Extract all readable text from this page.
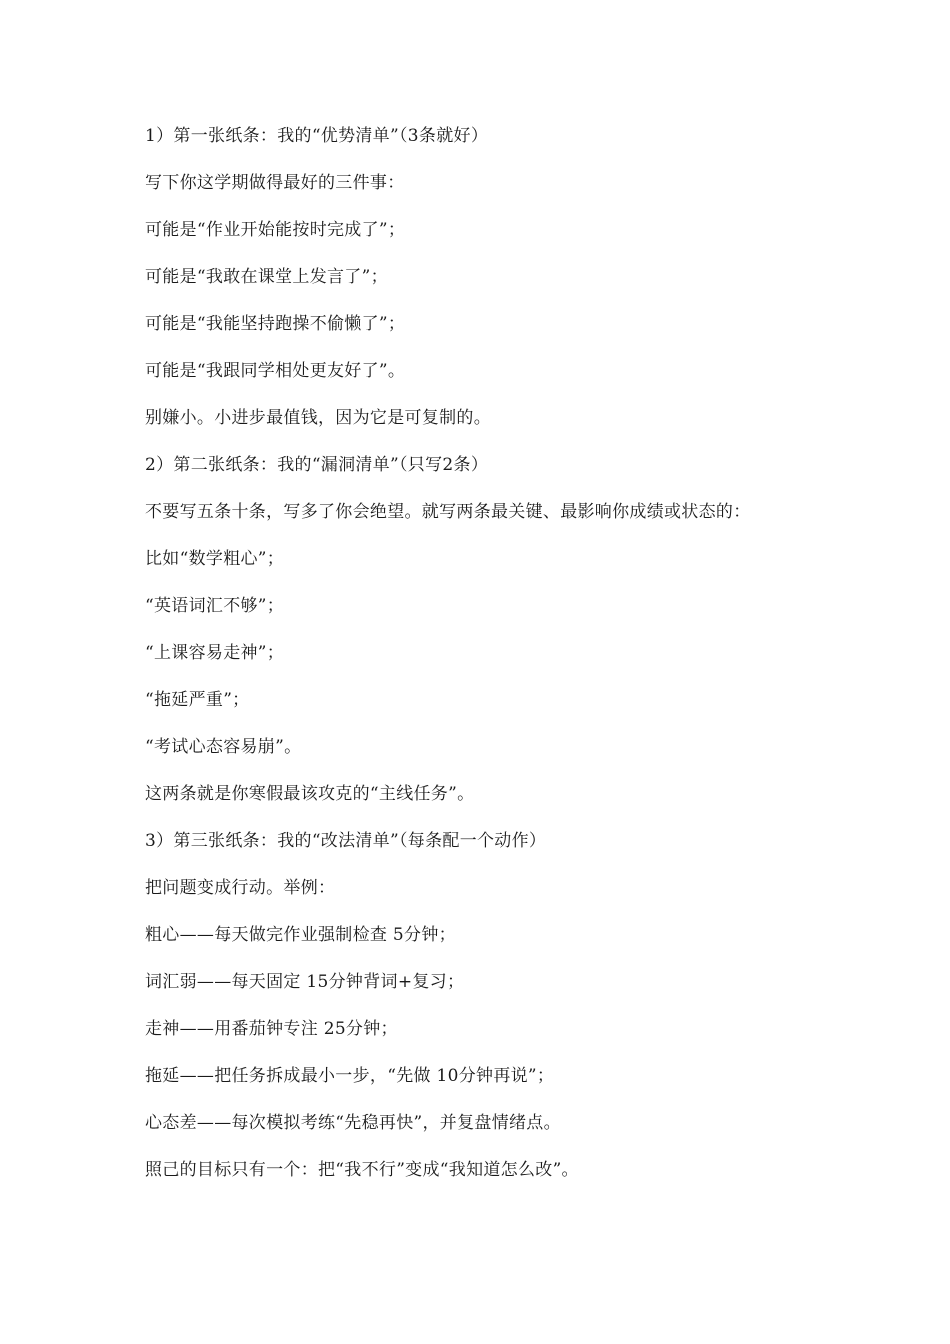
1）第一张纸条：我的“优势清单”（3条就好）

写下你这学期做得最好的三件事：

可能是“作业开始能按时完成了”；

可能是“我敢在课堂上发言了”；

可能是“我能坚持跑操不偷懒了”；

可能是“我跟同学相处更友好了”。

别嫌小。小进步最值钱，因为它是可复制的。

2）第二张纸条：我的“漏洞清单”（只写2条）

不要写五条十条，写多了你会绝望。就写两条最关键、最影响你成绩或状态的：

比如“数学粗心”；

“英语词汇不够”；

“上课容易走神”；

“拖延严重”；

“考试心态容易崩”。

这两条就是你寒假最该攻克的“主线任务”。

3）第三张纸条：我的“改法清单”（每条配一个动作）

把问题变成行动。举例：

粗心——每天做完作业强制检查 5分钟；

词汇弱——每天固定 15分钟背词+复习；

走神——用番茄钟专注 25分钟；

拖延——把任务拆成最小一步，“先做 10分钟再说”；

心态差——每次模拟考练“先稳再快”，并复盘情绪点。

照己的目标只有一个：把“我不行”变成“我知道怎么改”。
